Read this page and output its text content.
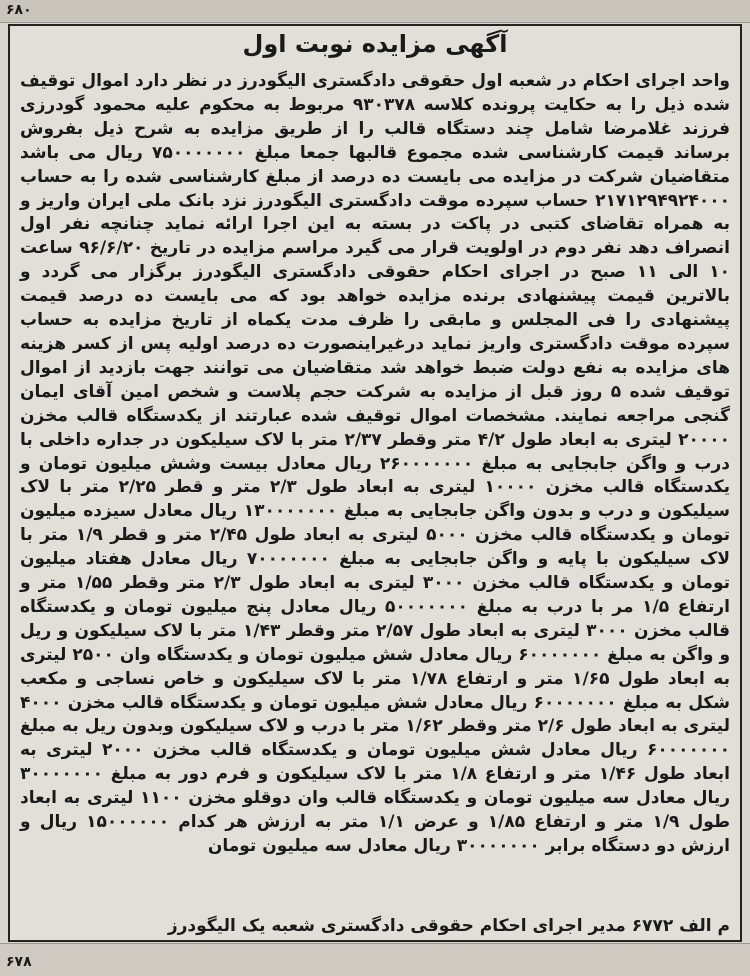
۶۸۰
آگهی مزایده نوبت اول
واحد اجرای احکام در شعبه اول حقوقی دادگستری الیگودرز در نظر دارد اموال توقیف شده ذیل را به حکایت پرونده کلاسه ۹۳۰۳۷۸ مربوط به محکوم علیه محمود گودرزی فرزند غلامرضا شامل چند دستگاه قالب را از طریق مزایده به شرح ذیل بفروش برساند قیمت کارشناسی شده مجموع قالبها جمعا مبلغ ۷۵۰۰۰۰۰۰۰ ریال می باشد متقاضیان شرکت در مزایده می بایست ده درصد از مبلغ کارشناسی شده را به حساب ۲۱۷۱۲۹۴۹۲۴۰۰۰ حساب سپرده موقت دادگستری الیگودرز نزد بانک ملی ایران واریز و به همراه تقاضای کتبی در پاکت در بسته به این اجرا ارائه نماید چنانچه نفر اول انصراف دهد نفر دوم در اولویت قرار می گیرد مراسم مزایده در تاریخ ۹۶/۶/۲۰ ساعت ۱۰ الی ۱۱ صبح در اجرای احکام حقوقی دادگستری الیگودرز برگزار می گردد و بالاترین قیمت پیشنهادی برنده مزایده خواهد بود که می بایست ده درصد قیمت پیشنهادی را فی المجلس و مابقی را ظرف مدت یکماه از تاریخ مزایده به حساب سپرده موقت دادگستری واریز نماید درغیراینصورت ده درصد اولیه پس از کسر هزینه های مزایده به نفع دولت ضبط خواهد شد متقاضیان می توانند جهت بازدید از اموال توقیف شده ۵ روز قبل از مزایده به شرکت حجم پلاست و شخص امین آقای ایمان گنجی مراجعه نمایند. مشخصات اموال توقیف شده عبارتند از یکدستگاه قالب مخزن ۲۰۰۰۰ لیتری به ابعاد طول ۴/۲ متر وقطر ۲/۳۷ متر با لاک سیلیکون در جداره داخلی با درب و واگن جابجایی به مبلغ ۲۶۰۰۰۰۰۰۰ ریال معادل بیست وشش میلیون تومان و یکدستگاه قالب مخزن ۱۰۰۰۰ لیتری به ابعاد طول ۲/۳ متر و قطر ۲/۲۵ متر با لاک سیلیکون و درب و بدون واگن جابجایی به مبلغ ۱۳۰۰۰۰۰۰۰ ریال معادل سیزده میلیون تومان و یکدستگاه قالب مخزن ۵۰۰۰ لیتری به ابعاد طول ۲/۴۵ متر و قطر ۱/۹ متر با لاک سیلیکون با پایه و واگن جابجایی به مبلغ ۷۰۰۰۰۰۰۰ ریال معادل هفتاد میلیون تومان و یکدستگاه قالب مخزن ۳۰۰۰ لیتری به ابعاد طول ۲/۳ متر وقطر ۱/۵۵ متر و ارتفاع ۱/۵ مر با درب به مبلغ ۵۰۰۰۰۰۰۰ ریال معادل پنج میلیون تومان و یکدستگاه قالب مخزن ۳۰۰۰ لیتری به ابعاد طول ۲/۵۷ متر وقطر ۱/۴۳ متر با لاک سیلیکون و ریل و واگن به مبلغ ۶۰۰۰۰۰۰۰ ریال معادل شش میلیون تومان و یکدستگاه وان ۲۵۰۰ لیتری به ابعاد طول ۱/۶۵ متر و ارتفاع ۱/۷۸ متر با لاک سیلیکون و خاص نساجی و مکعب شکل به مبلغ ۶۰۰۰۰۰۰۰ ریال معادل شش میلیون تومان و یکدستگاه قالب مخزن ۴۰۰۰ لیتری به ابعاد طول ۲/۶ متر وقطر ۱/۶۲ متر با درب و لاک سیلیکون وبدون ریل به مبلغ ۶۰۰۰۰۰۰۰ ریال معادل شش میلیون تومان و یکدستگاه قالب مخزن ۲۰۰۰ لیتری به ابعاد طول ۱/۴۶ متر و ارتفاع ۱/۸ متر با لاک سیلیکون و فرم دور به مبلغ ۳۰۰۰۰۰۰۰ ریال معادل سه میلیون تومان و یکدستگاه قالب وان دوقلو مخزن ۱۱۰۰ لیتری به ابعاد طول ۱/۹ متر و ارتفاع ۱/۸۵ و عرض ۱/۱ متر به ارزش هر کدام ۱۵۰۰۰۰۰۰ ریال و ارزش دو دستگاه برابر ۳۰۰۰۰۰۰۰ ریال معادل سه میلیون تومان
م الف ۶۷۷۲ مدیر اجرای احکام حقوقی دادگستری شعبه یک الیگودرز
۶۷۸
